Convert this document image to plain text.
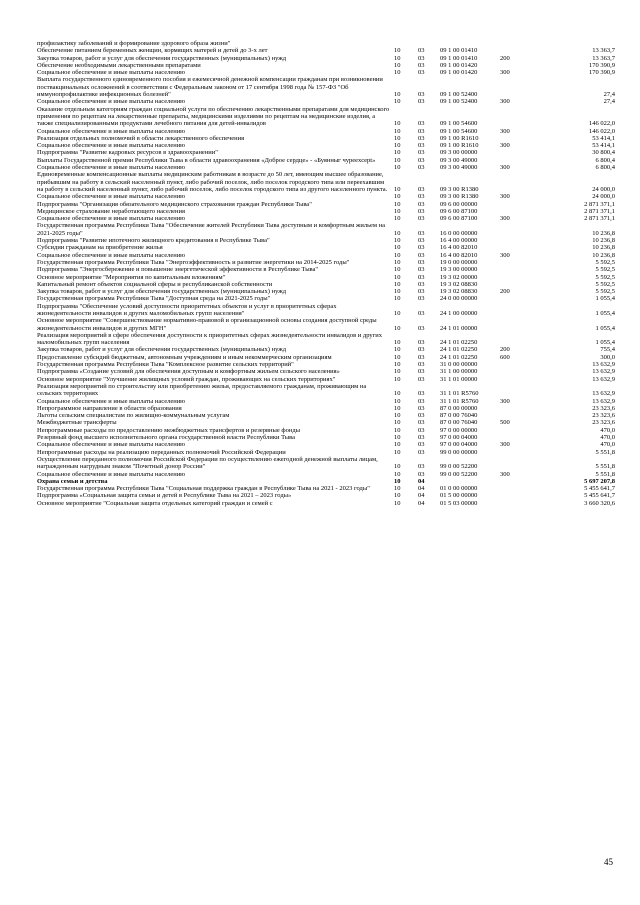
профилактику заболеваний и формирование здорового образа жизни"					
Обеспечение питанием беременных женщин, кормящих матерей и детей до 3-х лет	10	03	09 1 00 01410		13 363,7
Закупка товаров, работ и услуг для обеспечения государственных (муниципальных) нужд	10	03	09 1 00 01410	200	13 363,7
Обеспечение необходимыми лекарственными препаратами	10	03	09 1 00 01420		170 390,9
Социальное обеспечение и иные выплаты населению	10	03	09 1 00 01420	300	170 390,9
Выплата государственного единовременного пособия и ежемесячной денежной компенсации гражданам при возникновении поствакцинальных осложнений в соответствии с Федеральным законом от 17 сентября 1998 года № 157-ФЗ "Об иммунопрофилактике инфекционных болезней"	10	03	09 1 00 52400		27,4
Социальное обеспечение и иные выплаты населению	10	03	09 1 00 52400	300	27,4
Оказание отдельным категориям граждан социальной услуги по обеспечению лекарственными препаратами для медицинского применения по рецептам на лекарственные препараты, медицинскими изделиями по рецептам на медицинские изделия, а также специализированными продуктами лечебного питания для детей-инвалидов	10	03	09 1 00 54600		146 022,0
Социальное обеспечение и иные выплаты населению	10	03	09 1 00 54600	300	146 022,0
Реализация отдельных полномочий в области лекарственного обеспечения	10	03	09 1 00 R1610		53 414,1
Социальное обеспечение и иные выплаты населению	10	03	09 1 00 R1610	300	53 414,1
Подпрограмма "Развитие кадровых ресурсов в здравоохранении"	10	03	09 3 00 00000		30 800,4
Выплаты Государственной премии Республики Тыва в области здравоохранения «Доброе сердце» - «Буянныг чуреexcept»	10	03	09 3 00 49000		6 800,4
Социальное обеспечение и иные выплаты населению	10	03	09 3 00 49000	300	6 800,4
Единовременные компенсационные выплаты медицинским работникам в возрасте до 50 лет, имеющим высшее образование, прибывшим на работу в сельский населенный пункт, либо рабочий поселок, либо поселок городского типа или переехавшим на работу в сельский населенный пункт, либо рабочий поселок, либо поселок городского типа из другого населенного пункта.	10	03	09 3 00 R1380		24 000,0
Социальное обеспечение и иные выплаты населению	10	03	09 3 00 R1380	300	24 000,0
Подпрограмма "Организация обязательного медицинского страхования граждан Республики Тыва"	10	03	09 6 00 00000		2 871 371,1
Медицинское страхование неработающего населения	10	03	09 6 00 87100		2 871 371,1
Социальное обеспечение и иные выплаты населению	10	03	09 6 00 87100	300	2 871 371,1
Государственная программа Республики Тыва "Обеспечение жителей Республики Тыва доступным и комфортным жильем на 2021-2025 годы"	10	03	16 0 00 00000		10 236,8
Подпрограмма "Развитие ипотечного жилищного кредитования в Республике Тыва"	10	03	16 4 00 00000		10 236,8
Субсидии гражданам на приобретение жилья	10	03	16 4 00 82010		10 236,8
Социальное обеспечение и иные выплаты населению	10	03	16 4 00 82010	300	10 236,8
Государственная программа Республики Тыва "Энергоэффективность и развитие энергетики на 2014-2025 годы"	10	03	19 0 00 00000		5 592,5
Подпрограмма "Энергосбережение и повышение энергетической эффективности в Республике Тыва"	10	03	19 3 00 00000		5 592,5
Основное мероприятие "Мероприятия по капитальным вложениям"	10	03	19 3 02 00000		5 592,5
Капитальный ремонт объектов социальной сферы и республиканской собственности	10	03	19 3 02 08830		5 592,5
Закупка товаров, работ и услуг для обеспечения государственных (муниципальных) нужд	10	03	19 3 02 08830	200	5 592,5
Государственная программа Республики Тыва "Доступная среда на 2021-2025 годы"	10	03	24 0 00 00000		1 055,4
Подпрограмма "Обеспечение условий доступности приоритетных объектов и услуг в приоритетных сферах жизнедеятельности инвалидов и других маломобильных групп населения"	10	03	24 1 00 00000		1 055,4
Основное мероприятие "Совершенствование нормативно-правовой и организационной основы создания доступной среды жизнедеятельности инвалидов и других МГН"	10	03	24 1 01 00000		1 055,4
Реализация мероприятий в сфере обеспечения доступности к приоритетных сферах жизнедеятельности инвалидов и других маломобильных групп населения	10	03	24 1 01 02250		1 055,4
Закупка товаров, работ и услуг для обеспечения государственных (муниципальных) нужд	10	03	24 1 01 02250	200	755,4
Предоставление субсидий бюджетным, автономным учреждениям и иным некоммерческим организациям	10	03	24 1 01 02250	600	300,0
Государственная программа Республики Тыва "Комплексное развитие сельских территорий"	10	03	31 0 00 00000		13 632,9
Подпрограмма «Создание условий для обеспечения доступным и комфортным жильем сельского населения»	10	03	31 1 00 00000		13 632,9
Основное мероприятие "Улучшение жилищных условий граждан, проживающих на сельских территориях"	10	03	31 1 01 00000		13 632,9
Реализация мероприятий по строительству или приобретению жилья, предоставляемого гражданам, проживающим на сельских территориях	10	03	31 1 01 R5760		13 632,9
Социальное обеспечение и иные выплаты населению	10	03	31 1 01 R5760	300	13 632,9
Непрограммное направление в области образования	10	03	87 0 00 00000		23 323,6
Льготы сельским специалистам по жилищно-коммунальным услугам	10	03	87 0 00 76040		23 323,6
Межбюджетные трансферты	10	03	87 0 00 76040	500	23 323,6
Непрограммные расходы по предоставлению межбюджетных трансфертов и резервные фонды	10	03	97 0 00 00000		470,0
Резервный фонд высшего исполнительного органа государственной власти Республики Тыва	10	03	97 0 00 04000		470,0
Социальное обеспечение и иные выплаты населению	10	03	97 0 00 04000	300	470,0
Непрограммные расходы на реализацию переданных полномочий Российской Федерации	10	03	99 0 00 00000		5 551,8
Осуществление переданного полномочия Российской Федерации по осуществлению ежегодной денежной выплаты лицам, награжденным нагрудным знаком "Почетный донор России"	10	03	99 0 00 52200		5 551,8
Социальное обеспечение и иные выплаты населению	10	03	99 0 00 52200	300	5 551,8
Охрана семьи и детства	10	04			5 697 207,8
Государственная программа Республики Тыва "Социальная поддержка граждан в Республике Тыва на 2021 - 2023 годы"	10	04	01 0 00 00000		5 455 641,7
Подпрограмма «Социальная защита семьи и детей в Республике Тыва на 2021 – 2023 годы»	10	04	01 5 00 00000		5 455 641,7
Основное мероприятие "Социальная защита отдельных категорий граждан и семей с	10	04	01 5 03 00000		3 660 320,6
45
